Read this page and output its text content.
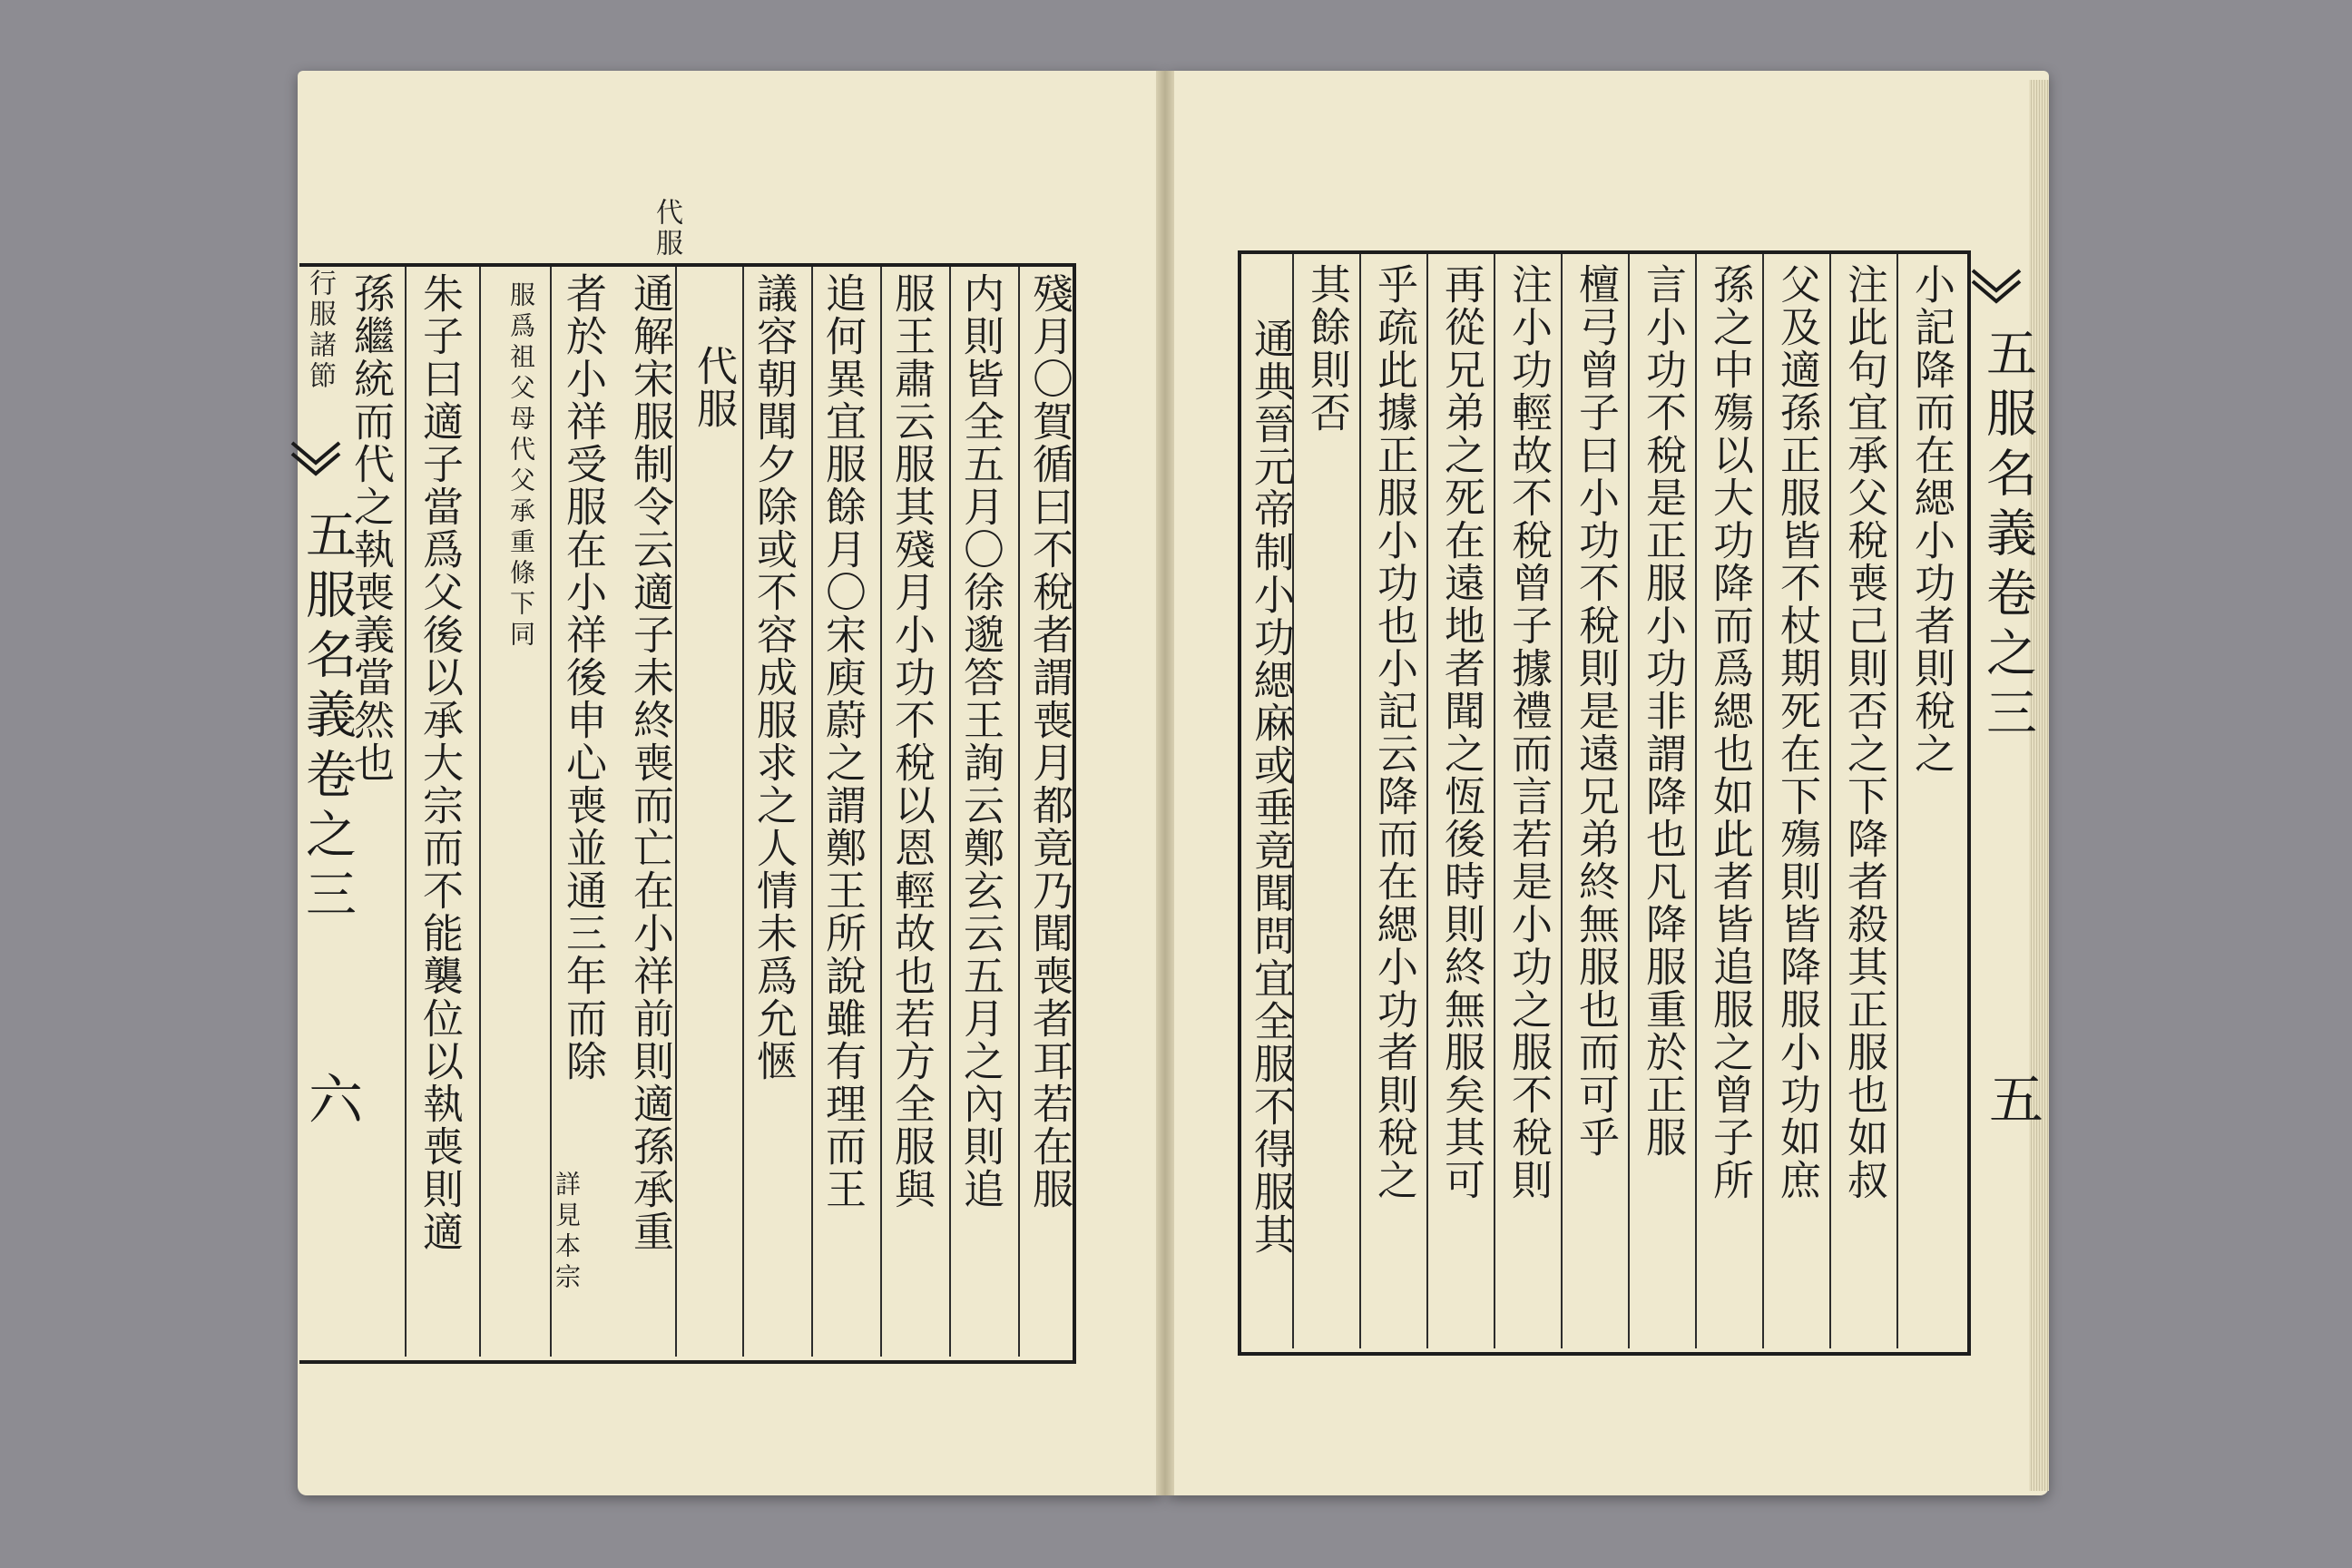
代服
殘月〇賀循曰不稅者謂喪月都竟乃聞喪者耳若在服
内則皆全五月〇徐邈答王詢云鄭玄云五月之內則追
服王肅云服其殘月小功不稅以恩輕故也若方全服與
追何異宜服餘月〇宋庾蔚之謂鄭王所說雖有理而王
議容朝聞夕除或不容成服求之人情未爲允愜
代服
通解宋服制令云適子未終喪而亡在小祥前則適孫承重
者於小祥受服在小祥後申心喪並通三年而除
服爲祖父母代父承重條下同
詳見本宗
朱子曰適子當爲父後以承大宗而不能襲位以執喪則適
孫繼統而代之執喪義當然也
行服諸節
五服名義卷之三
六
小記降而在緦小功者則稅之
注此句宜承父稅喪己則否之下降者殺其正服也如叔
父及適孫正服皆不杖期死在下殤則皆降服小功如庶
孫之中殤以大功降而爲緦也如此者皆追服之曾子所
言小功不稅是正服小功非謂降也凡降服重於正服
檀弓曾子曰小功不稅則是遠兄弟終無服也而可乎
注小功輕故不稅曾子據禮而言若是小功之服不稅則
再從兄弟之死在遠地者聞之恆後時則終無服矣其可
乎疏此據正服小功也小記云降而在緦小功者則稅之
其餘則否
通典晉元帝制小功緦麻或垂竟聞問宜全服不得服其	五服名義卷之三
五
